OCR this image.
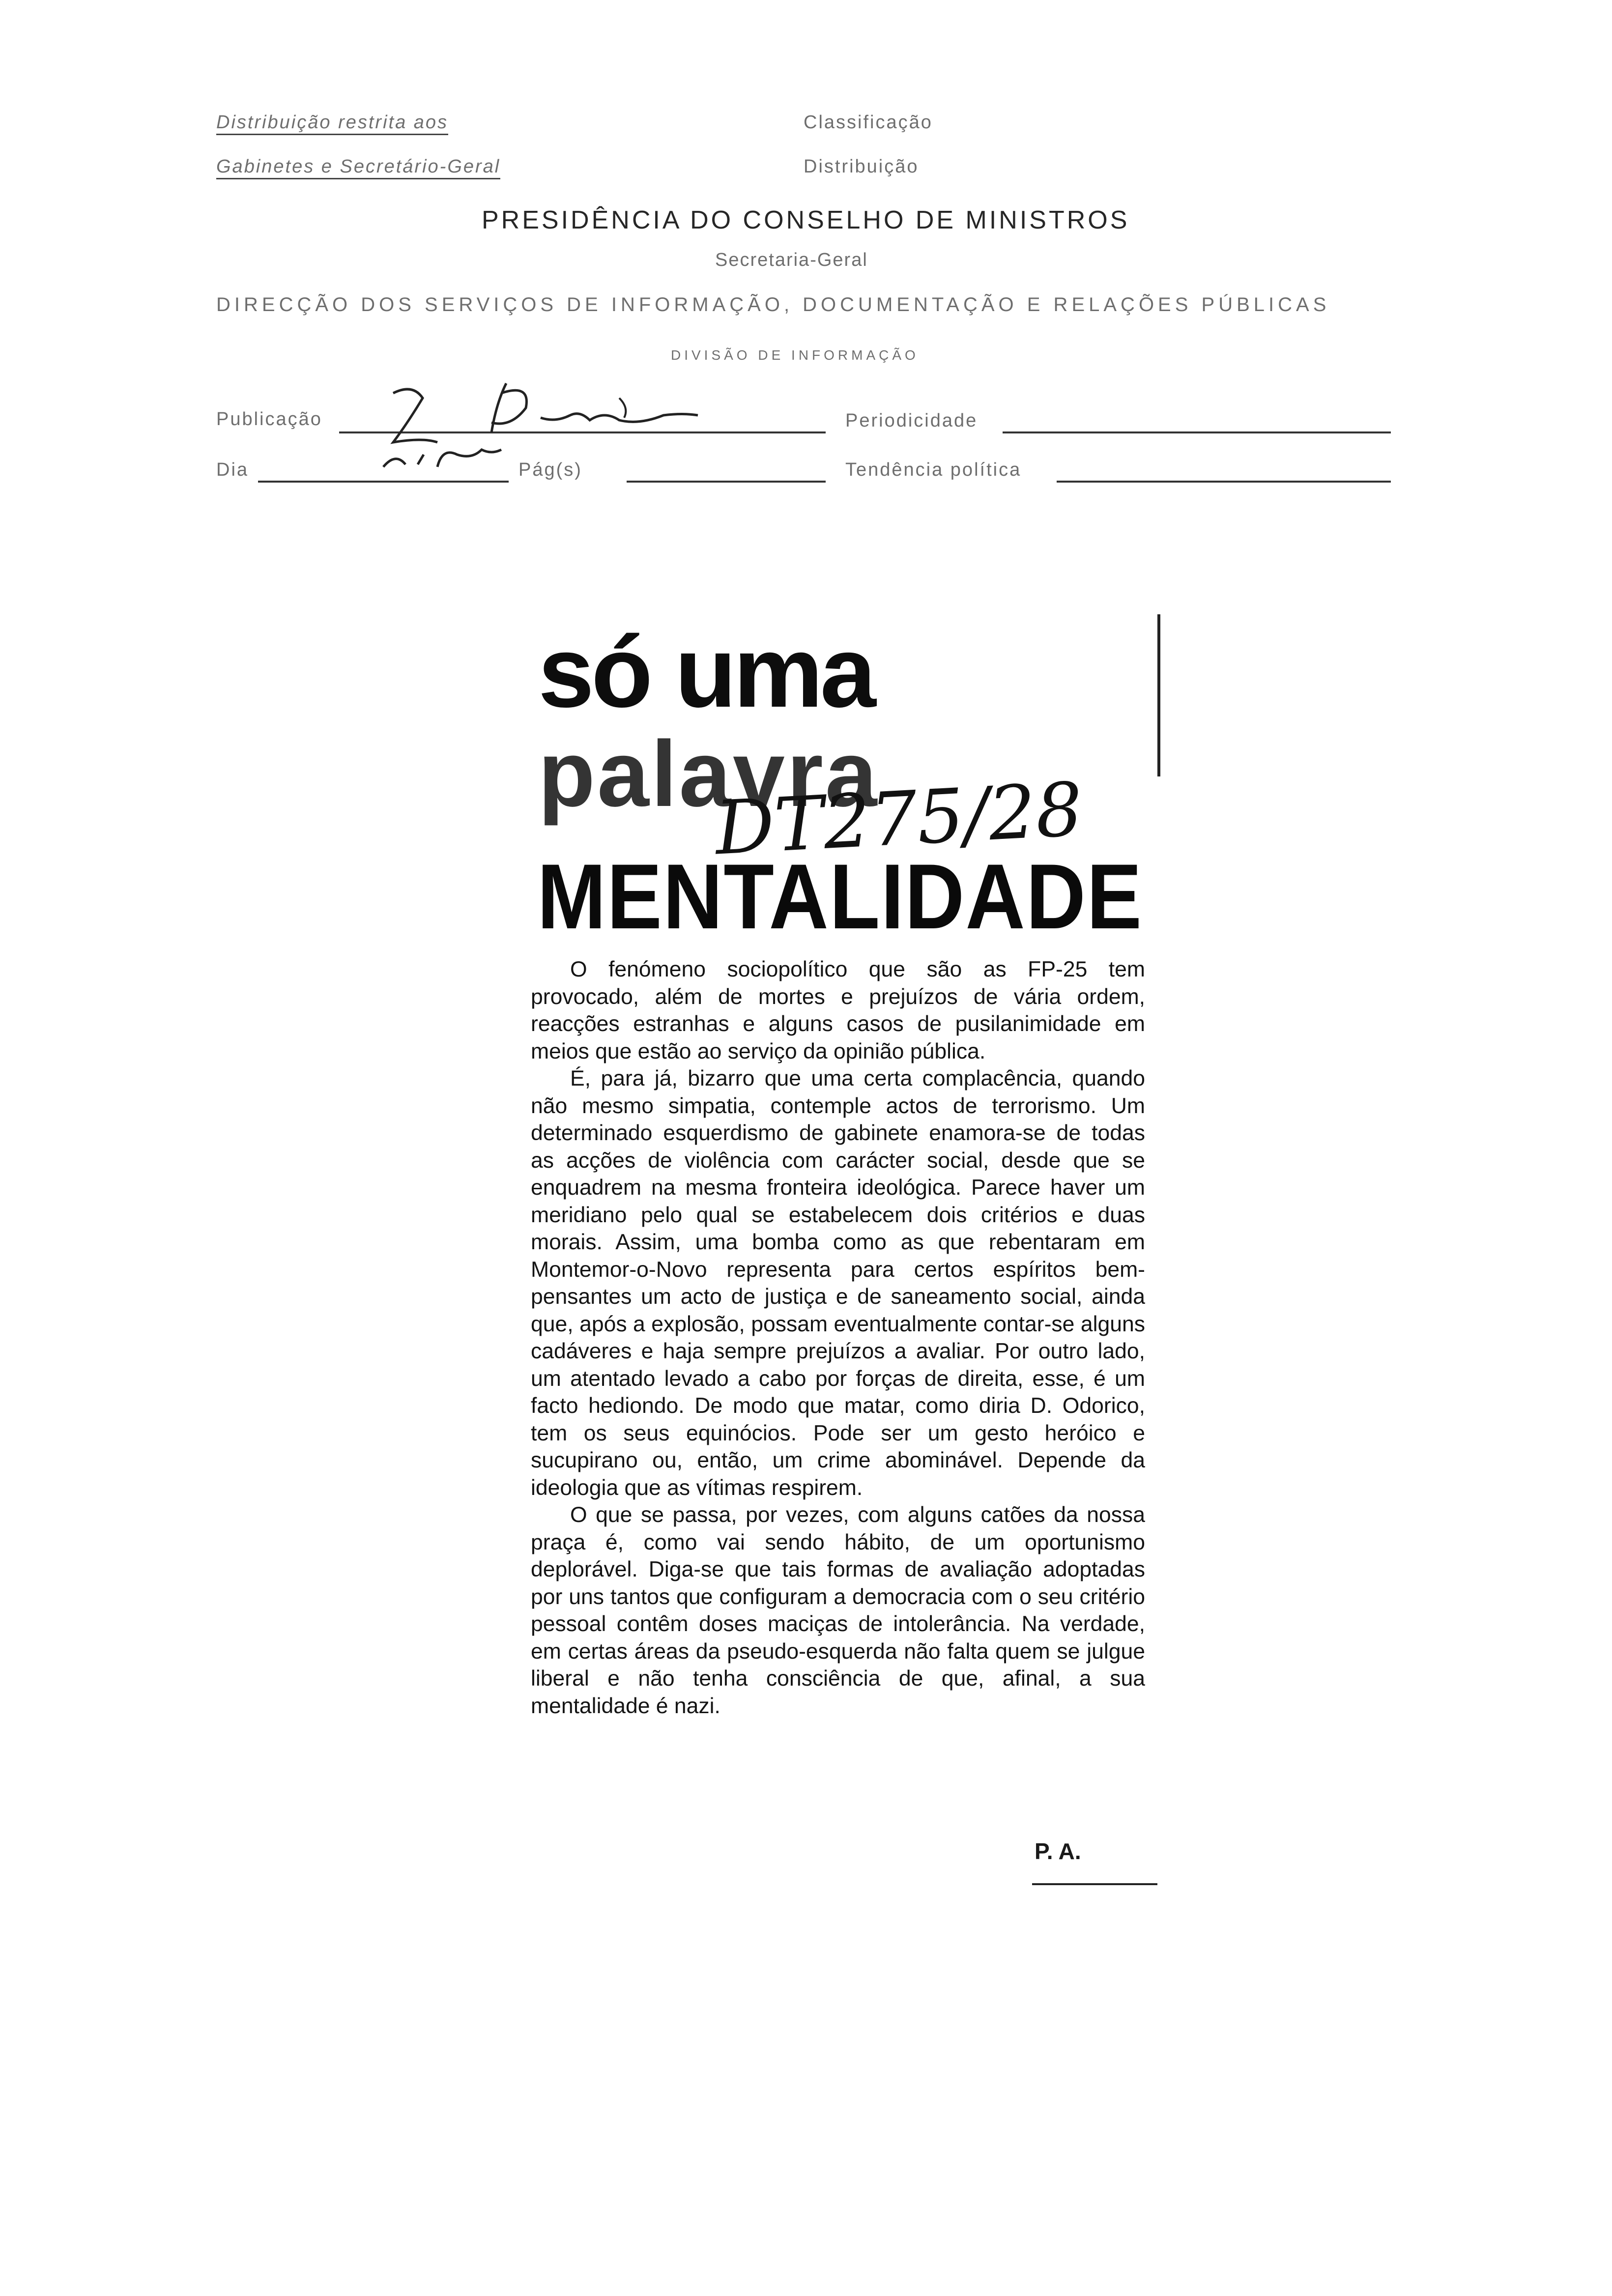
Distribuição restrita aos
Gabinetes e Secretário-Geral
Classificação
Distribuição
PRESIDÊNCIA DO CONSELHO DE MINISTROS
Secretaria-Geral
DIRECÇÃO DOS SERVIÇOS DE INFORMAÇÃO, DOCUMENTAÇÃO E RELAÇÕES PÚBLICAS
DIVISÃO DE INFORMAÇÃO
Publicação	Periodicidade
Dia	Pág(s)	Tendência política
só uma
palavra
DT275/28
MENTALIDADE

O fenómeno sociopolítico que são as FP-25 tem provocado, além de mortes e prejuízos de vária ordem, reacções estranhas e alguns casos de pusilanimidade em meios que estão ao serviço da opinião pública.

É, para já, bizarro que uma certa complacência, quando não mesmo simpatia, contemple actos de terrorismo. Um determinado esquerdismo de gabinete enamora-se de todas as acções de violência com carácter social, desde que se enquadrem na mesma fronteira ideológica. Parece haver um meridiano pelo qual se estabelecem dois critérios e duas morais. Assim, uma bomba como as que rebentaram em Montemor-o-Novo representa para certos espíritos bem-pensantes um acto de justiça e de saneamento social, ainda que, após a explosão, possam eventualmente contar-se alguns cadáveres e haja sempre prejuízos a avaliar. Por outro lado, um atentado levado a cabo por forças de direita, esse, é um facto hediondo. De modo que matar, como diria D. Odorico, tem os seus equinócios. Pode ser um gesto heróico e sucupirano ou, então, um crime abominável. Depende da ideologia que as vítimas respirem.

O que se passa, por vezes, com alguns catões da nossa praça é, como vai sendo hábito, de um oportunismo deplorável. Diga-se que tais formas de avaliação adoptadas por uns tantos que configuram a democracia com o seu critério pessoal contêm doses maciças de intolerância. Na verdade, em certas áreas da pseudo-esquerda não falta quem se julgue liberal e não tenha consciência de que, afinal, a sua mentalidade é nazi.

P. A.
